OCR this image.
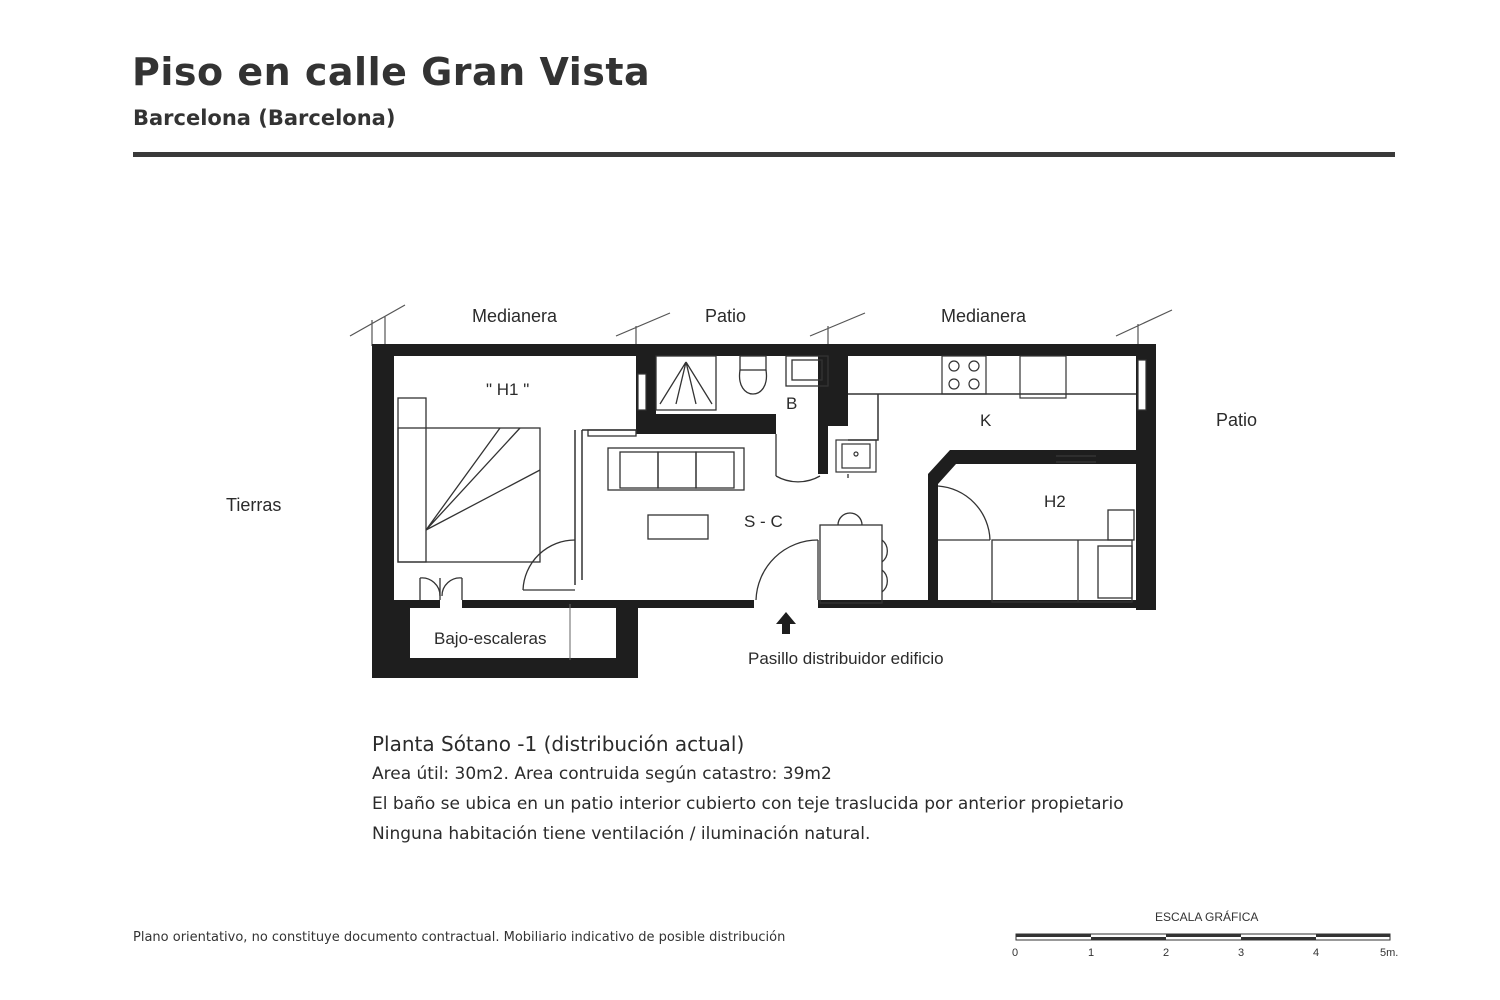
Piso en calle Gran Vista
Barcelona (Barcelona)
Medianera	Patio	Medianera
Patio
Tierras
" H1 "
B
K
S - C
H2
Bajo-escaleras
Pasillo distribuidor edificio
ESCALA GRÁFICA
0	1	2	3	4	5m.

Planta Sótano -1 (distribución actual)

Area útil: 30m2. Area contruida según catastro: 39m2

El baño se ubica en un patio interior cubierto con teje traslucida por anterior propietario

Ninguna habitación tiene ventilación / iluminación natural.

Plano orientativo, no constituye documento contractual. Mobiliario indicativo de posible distribución
